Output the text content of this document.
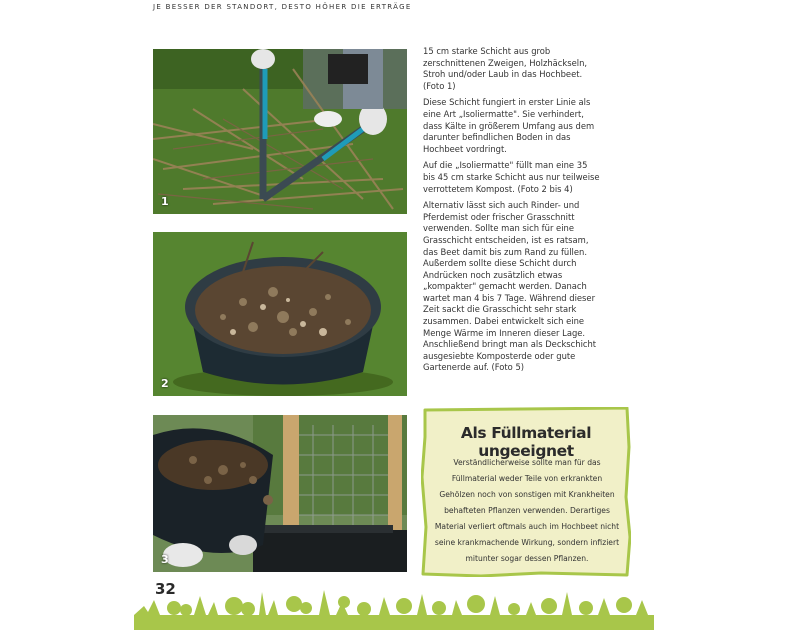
JE BESSER DER STANDORT, DESTO HÖHER DIE ERTRÄGE
1
2
3

15 cm starke Schicht aus grob zerschnittenen Zweigen, Holzhäckseln, Stroh und/oder Laub in das Hochbeet. (Foto 1)

Diese Schicht fungiert in erster Linie als eine Art „Isoliermatte". Sie verhindert, dass Kälte in größerem Umfang aus dem darunter befindlichen Boden in das Hochbeet vordringt.

Auf die „Isoliermatte" füllt man eine 35 bis 45 cm starke Schicht aus nur teilweise verrottetem Kompost. (Foto 2 bis 4)

Alternativ lässt sich auch Rinder- und Pferdemist oder frischer Grasschnitt verwenden. Sollte man sich für eine Grasschicht entscheiden, ist es ratsam, das Beet damit bis zum Rand zu füllen. Außerdem sollte diese Schicht durch Andrücken noch zusätzlich etwas „kompakter" gemacht werden. Danach wartet man 4 bis 7 Tage. Während dieser Zeit sackt die Grasschicht sehr stark zusammen. Dabei entwickelt sich eine Menge Wärme im Inneren dieser Lage. Anschließend bringt man als Deckschicht ausgesiebte Komposterde oder gute Gartenerde auf. (Foto 5)

Als Füllmaterial ungeeignet
Verständlicherweise sollte man für das Füllmaterial weder Teile von erkrankten Gehölzen noch von sonstigen mit Krankheiten behafteten Pflanzen verwenden. Derartiges Material verliert oftmals auch im Hochbeet nicht seine krankmachende Wirkung, sondern infiziert mitunter sogar dessen Pflanzen.
32
